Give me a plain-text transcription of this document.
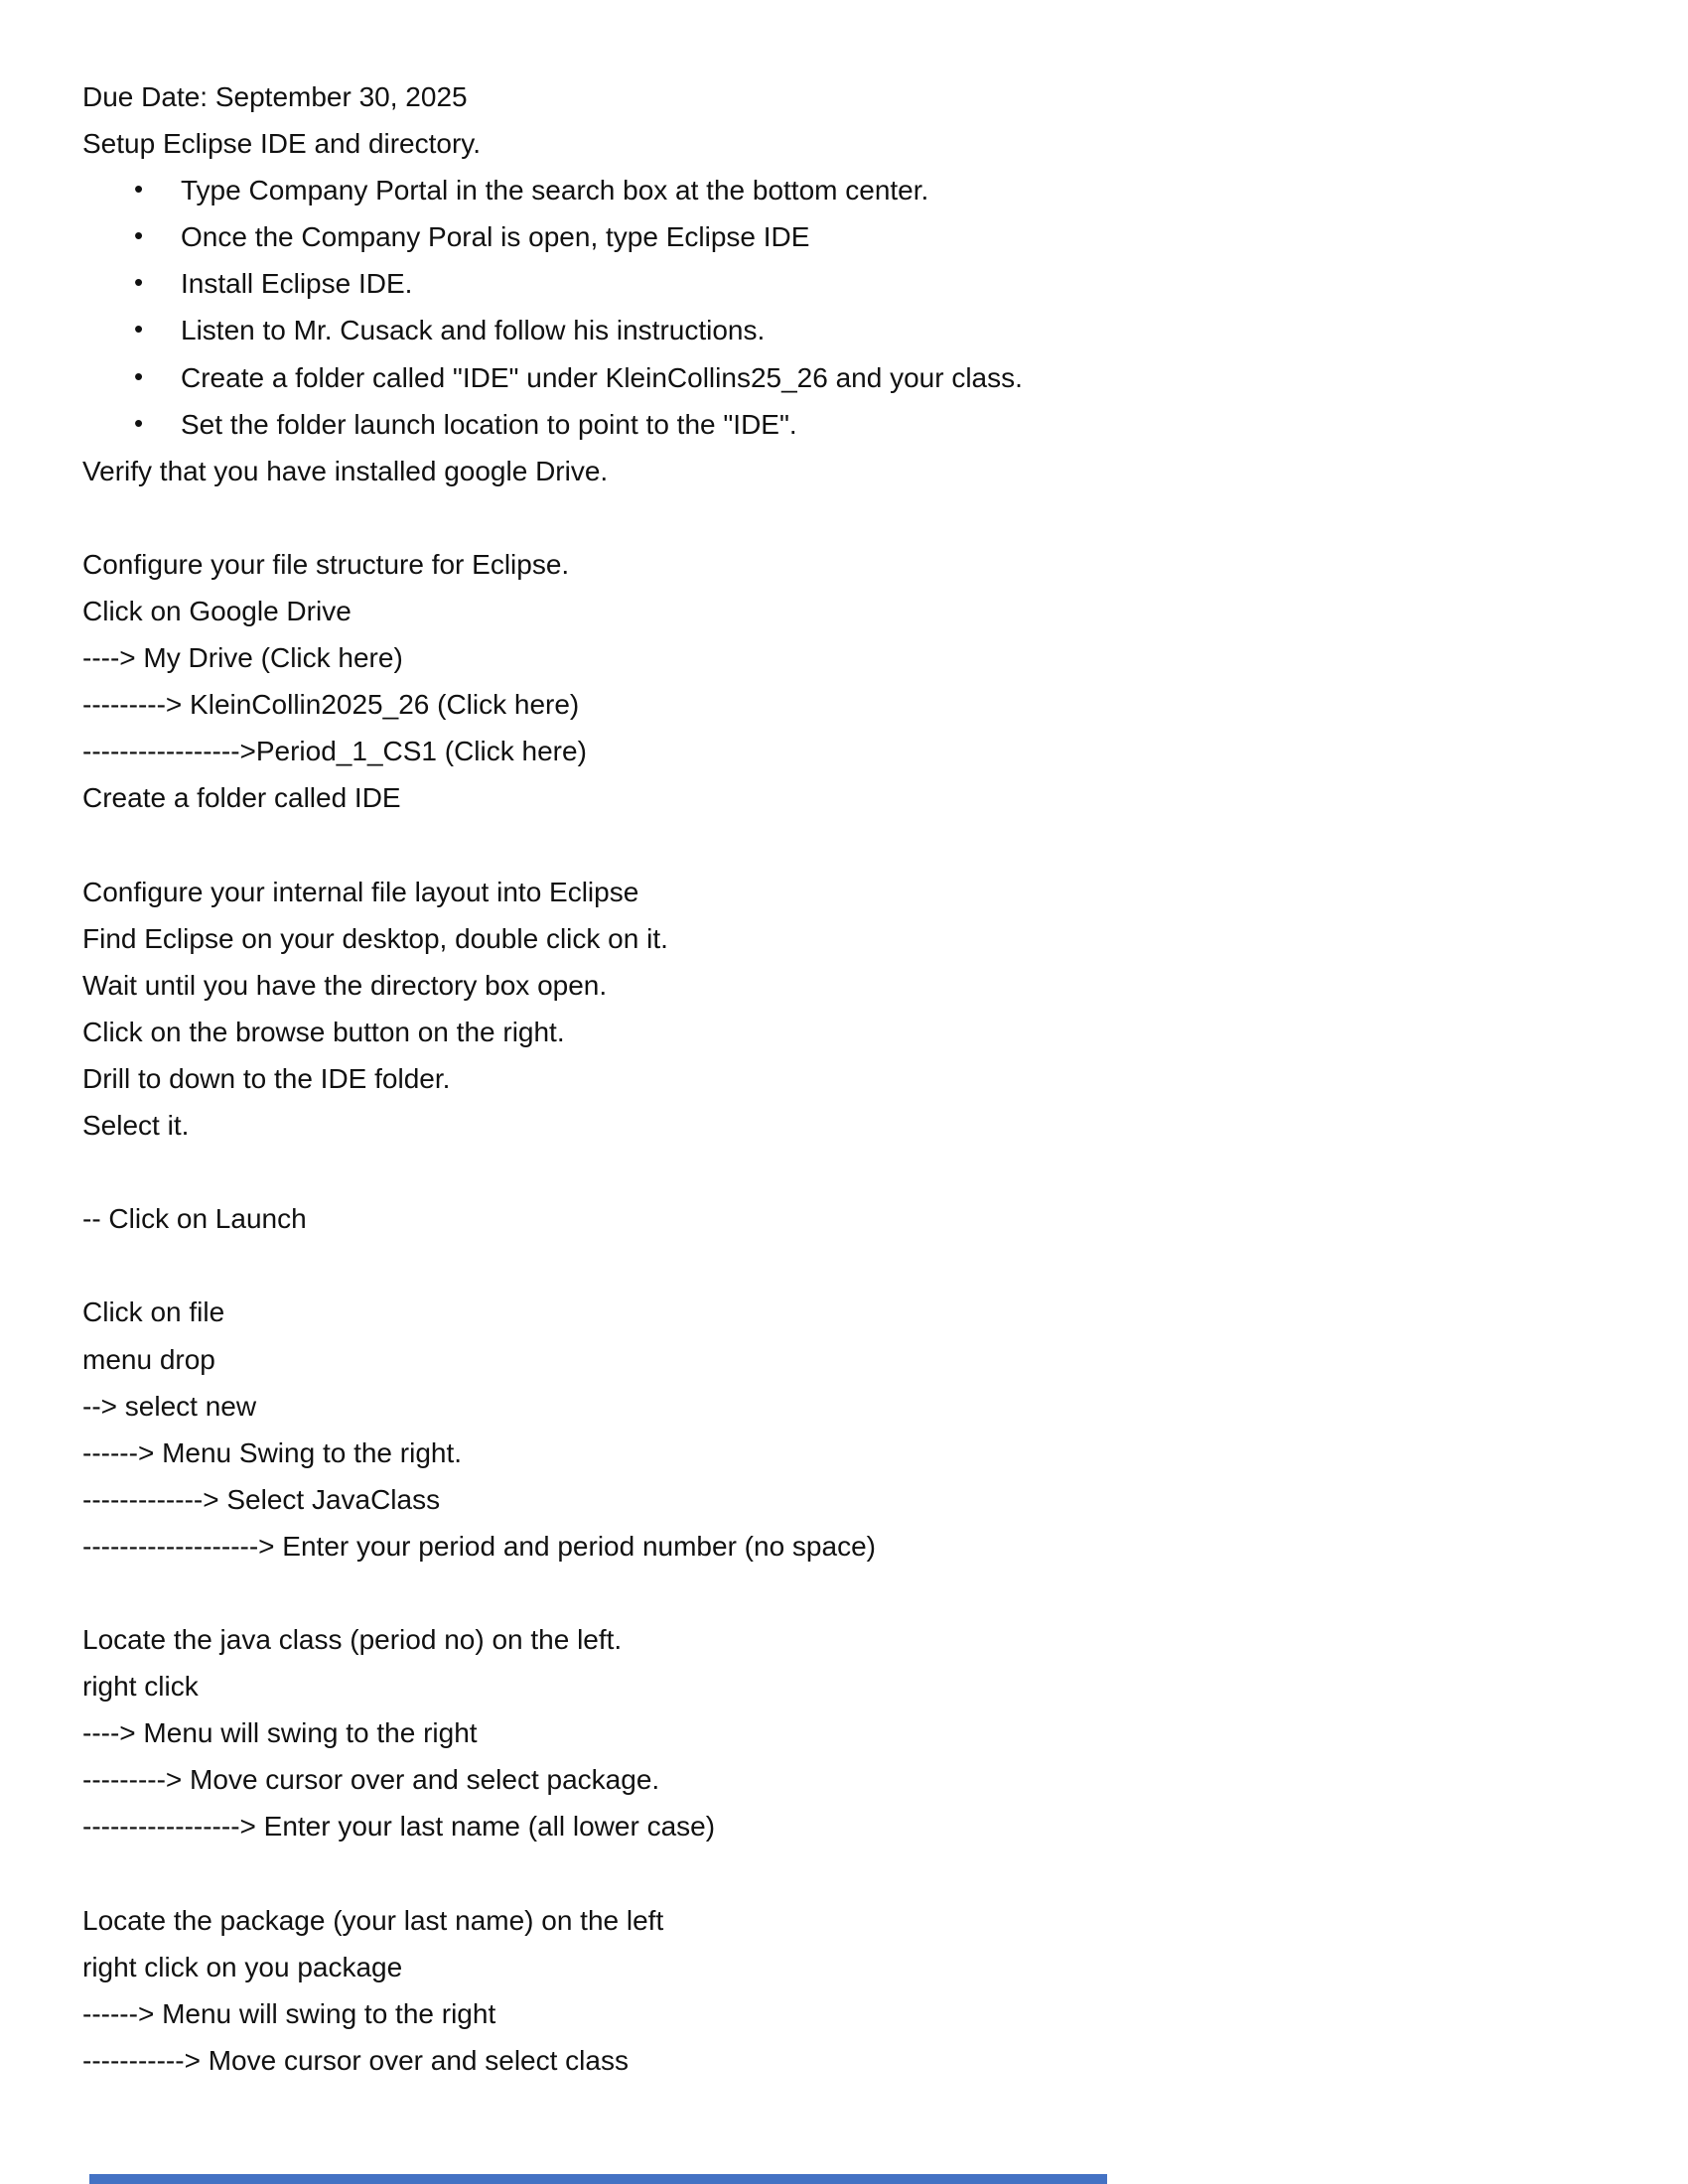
Due Date: September 30, 2025
Setup Eclipse IDE and directory.
• Type Company Portal in the search box at the bottom center.
• Once the Company Poral is open, type Eclipse IDE
• Install Eclipse IDE.
• Listen to Mr. Cusack and follow his instructions.
• Create a folder called "IDE" under KleinCollins25_26 and your class.
• Set the folder launch location to point to the "IDE".
Verify that you have installed google Drive.
Configure your file structure for Eclipse.
Click on Google Drive
----> My Drive (Click here)
---------> KleinCollin2025_26 (Click here)
----------------->Period_1_CS1 (Click here)
Create a folder called IDE
Configure your internal file layout into Eclipse
Find Eclipse on your desktop, double click on it.
Wait until you have the directory box open.
Click on the browse button on the right.
Drill to down to the IDE folder.
Select it.
-- Click on Launch
Click on file
menu drop
--> select new
------> Menu Swing to the right.
-------------> Select JavaClass
-------------------> Enter your period and period number (no space)
Locate the java class (period no) on the left.
right click
----> Menu will swing to the right
---------> Move cursor over and select package.
-----------------> Enter your last name (all lower case)
Locate the package (your last name) on the left
right click on you package
------> Menu will swing to the right
-----------> Move cursor over and select class
